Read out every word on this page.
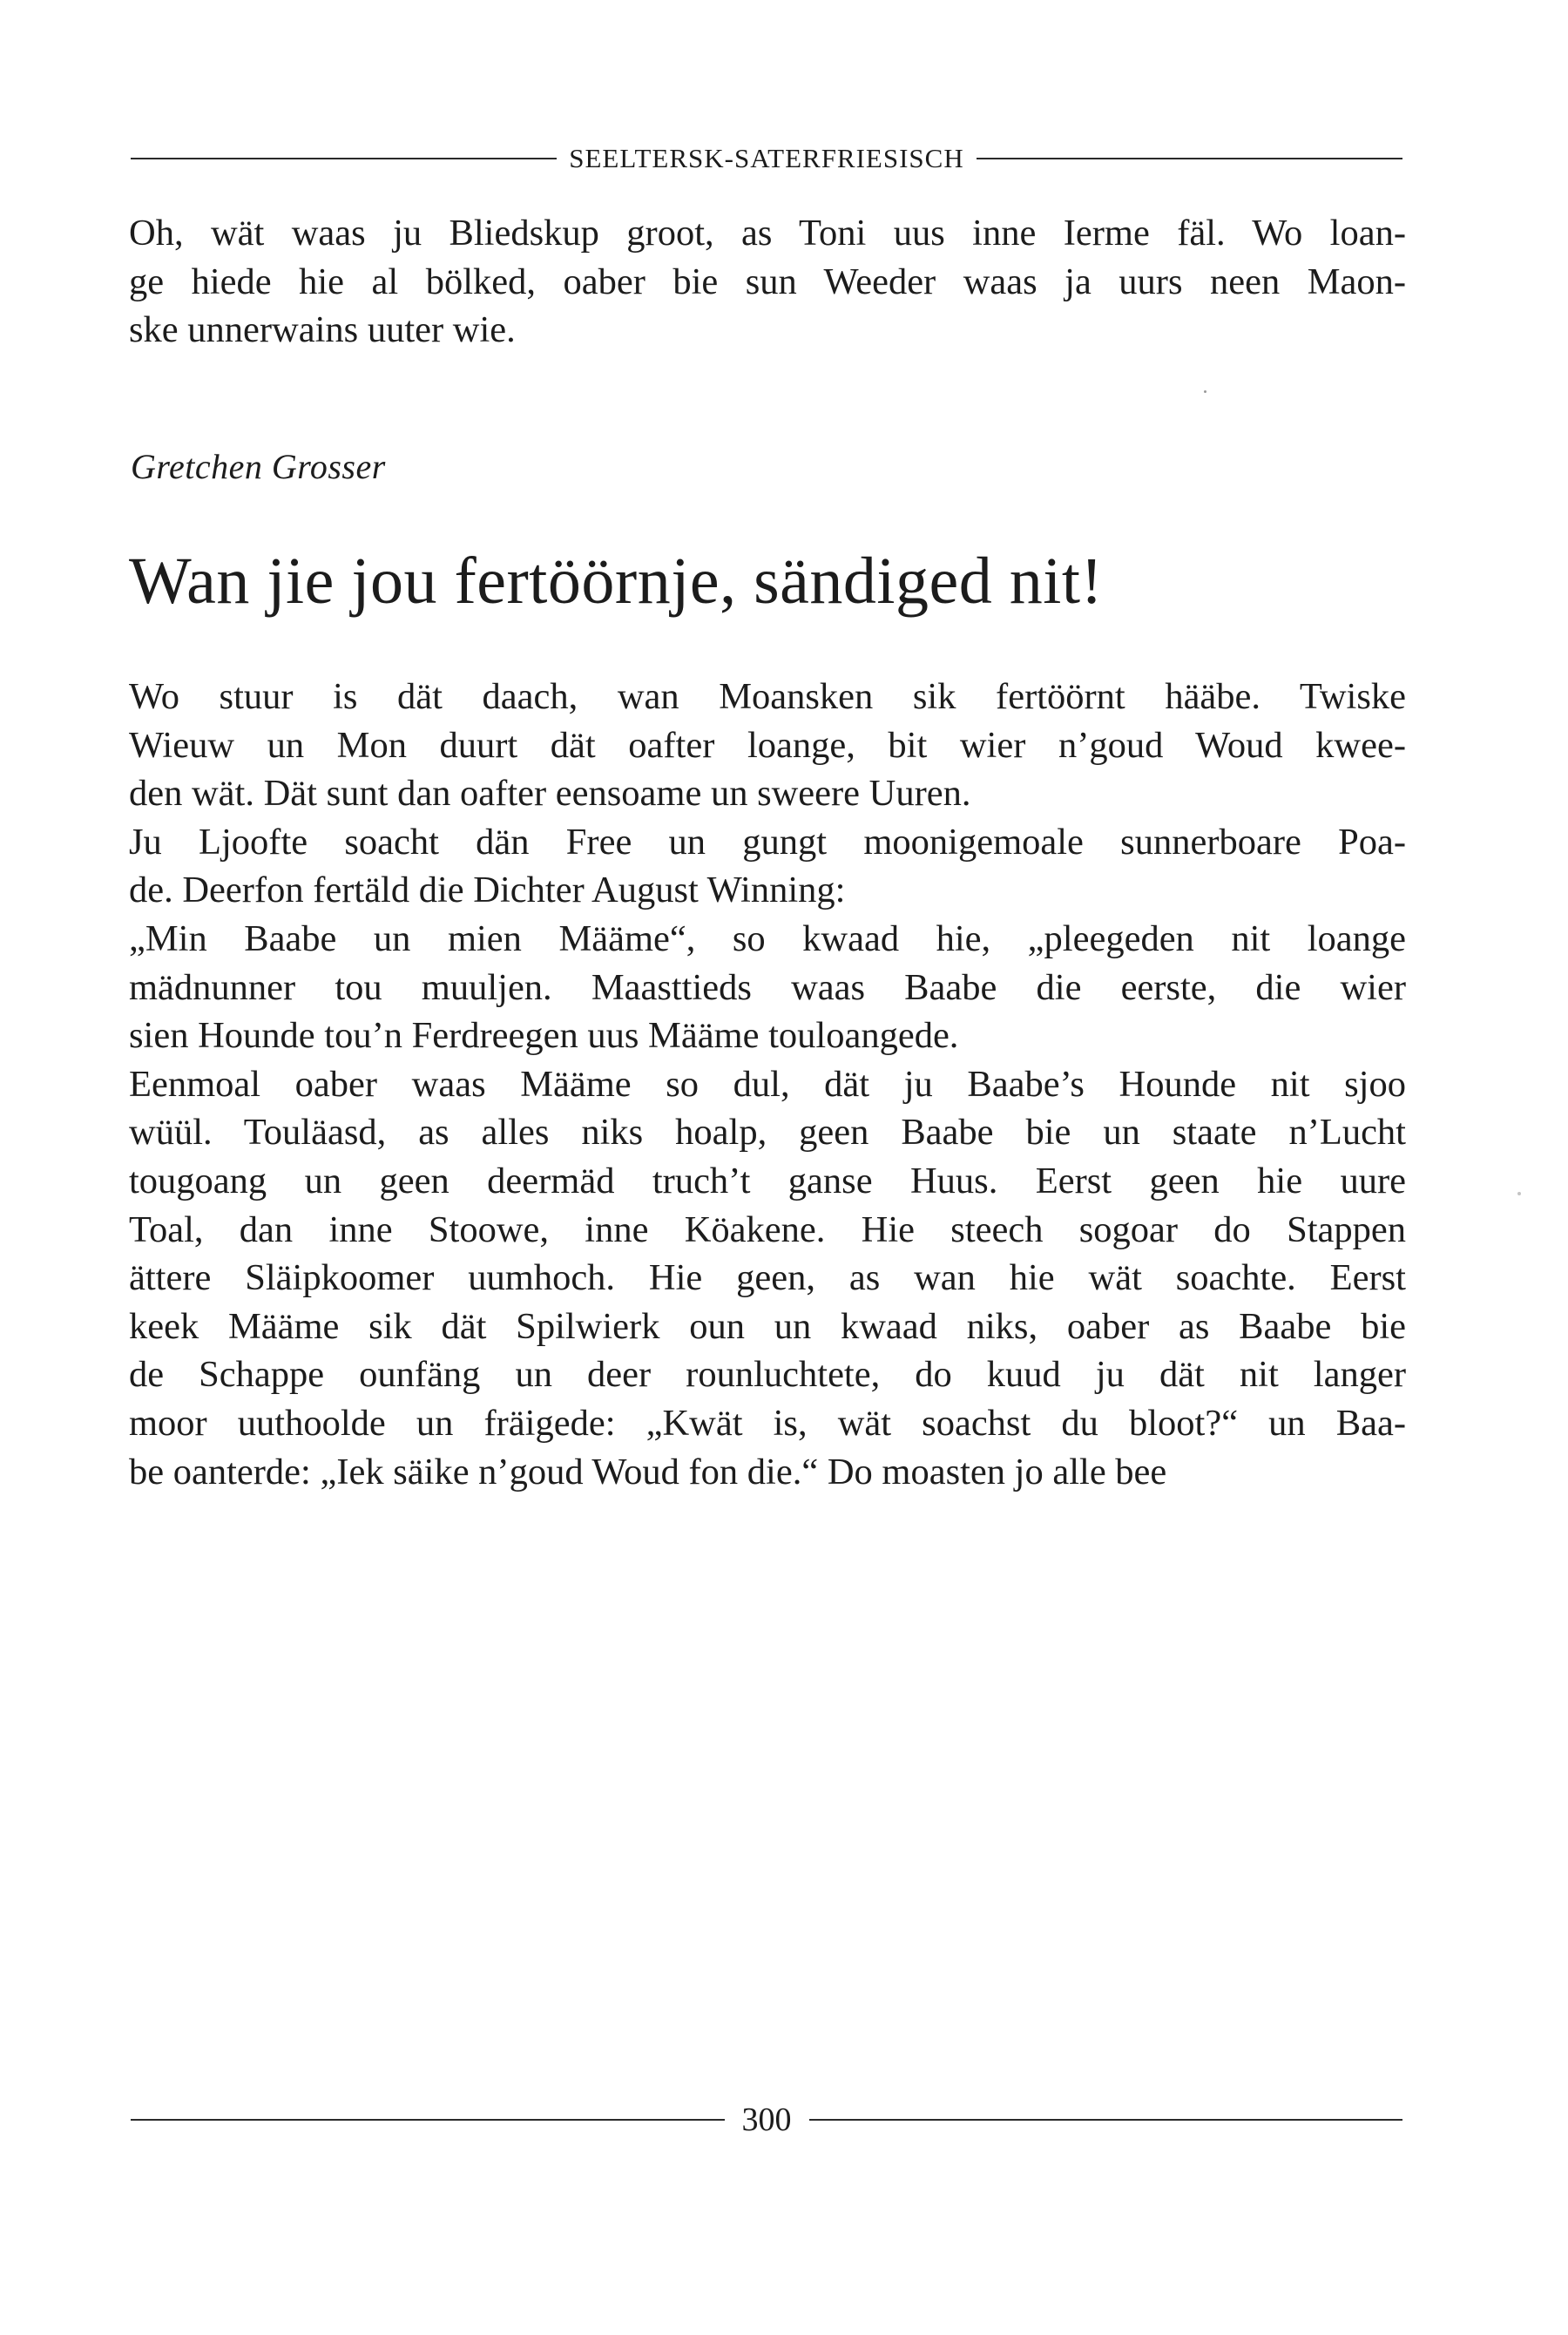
SEELTERSK-SATERFRIESISCH
Oh, wät waas ju Bliedskup groot, as Toni uus inne Ierme fäl. Wo loan-
ge hiede hie al bölked, oaber bie sun Weeder waas ja uurs neen Maon-
ske unnerwains uuter wie.
Gretchen Grosser
Wan jie jou fertöörnje, sändiged nit!
Wo stuur is dät daach, wan Moansken sik fertöörnt hääbe. Twiske
Wieuw un Mon duurt dät oafter loange, bit wier n’goud Woud kwee-
den wät. Dät sunt dan oafter eensoame un sweere Uuren.
Ju Ljoofte soacht dän Free un gungt moonigemoale sunnerboare Poa-
de. Deerfon fertäld die Dichter August Winning:
„Min Baabe un mien Määme“, so kwaad hie, „pleegeden nit loange
mädnunner tou muuljen. Maasttieds waas Baabe die eerste, die wier
sien Hounde tou’n Ferdreegen uus Määme touloangede.
Eenmoal oaber waas Määme so dul, dät ju Baabe’s Hounde nit sjoo
wüül. Touläasd, as alles niks hoalp, geen Baabe bie un staate n’Lucht
tougoang un geen deermäd truch’t ganse Huus. Eerst geen hie uure
Toal, dan inne Stoowe, inne Köakene. Hie steech sogoar do Stappen
ättere Släipkoomer uumhoch. Hie geen, as wan hie wät soachte. Eerst
keek Määme sik dät Spilwierk oun un kwaad niks, oaber as Baabe bie
de Schappe ounfäng un deer rounluchtete, do kuud ju dät nit langer
moor uuthoolde un fräigede: „Kwät is, wät soachst du bloot?“ un Baa-
be oanterde: „Iek säike n’goud Woud fon die.“ Do moasten jo alle bee
300
